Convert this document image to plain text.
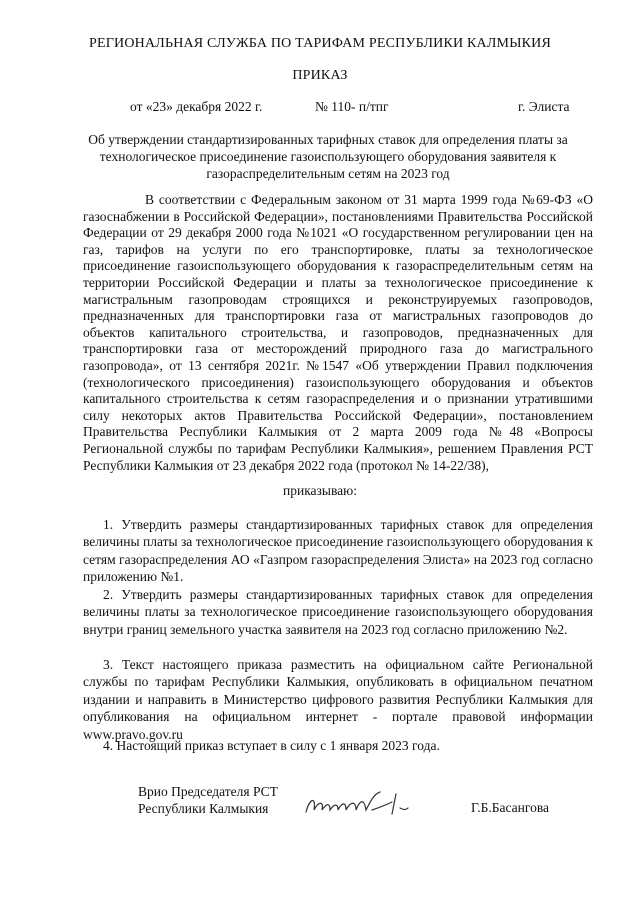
РЕГИОНАЛЬНАЯ СЛУЖБА ПО ТАРИФАМ РЕСПУБЛИКИ КАЛМЫКИЯ
ПРИКАЗ
от «23» декабря 2022 г.	№ 110- п/тпг	г. Элиста
Об утверждении стандартизированных тарифных ставок для определения платы за технологическое присоединение газоиспользующего оборудования заявителя к газораспределительным сетям на 2023 год

В соответствии с Федеральным законом от 31 марта 1999 года №69-ФЗ «О газоснабжении в Российской Федерации», постановлениями Правительства Российской Федерации от 29 декабря 2000 года №1021 «О государственном регулировании цен на газ, тарифов на услуги по его транспортировке, платы за технологическое присоединение газоиспользующего оборудования к газораспределительным сетям на территории Российской Федерации и платы за технологическое присоединение к магистральным газопроводам строящихся и реконструируемых газопроводов, предназначенных для транспортировки газа от магистральных газопроводов до объектов капитального строительства, и газопроводов, предназначенных для транспортировки газа от месторождений природного газа до магистрального газопровода», от 13 сентября 2021г. №1547 «Об утверждении Правил подключения (технологического присоединения) газоиспользующего оборудования и объектов капитального строительства к сетям газораспределения и о признании утратившими силу некоторых актов Правительства Российской Федерации», постановлением Правительства Республики Калмыкия от 2 марта 2009 года №48 «Вопросы Региональной службы по тарифам Республики Калмыкия», решением Правления РСТ Республики Калмыкия от 23 декабря 2022 года (протокол № 14-22/38),

приказываю:

1. Утвердить размеры стандартизированных тарифных ставок для определения величины платы за технологическое присоединение газоиспользующего оборудования к сетям газораспределения АО «Газпром газораспределения Элиста» на 2023 год согласно приложению №1.

2. Утвердить размеры стандартизированных тарифных ставок для определения величины платы за технологическое присоединение газоиспользующего оборудования внутри границ земельного участка заявителя на 2023 год согласно приложению №2.

3. Текст настоящего приказа разместить на официальном сайте Региональной службы по тарифам Республики Калмыкия, опубликовать в официальном печатном издании и направить в Министерство цифрового развития Республики Калмыкия для опубликования на официальном интернет - портале правовой информации www.pravo.gov.ru

4. Настоящий приказ вступает в силу с 1 января 2023 года.

Врио Председателя РСТ
Республики Калмыкия	Г.Б.Басангова
